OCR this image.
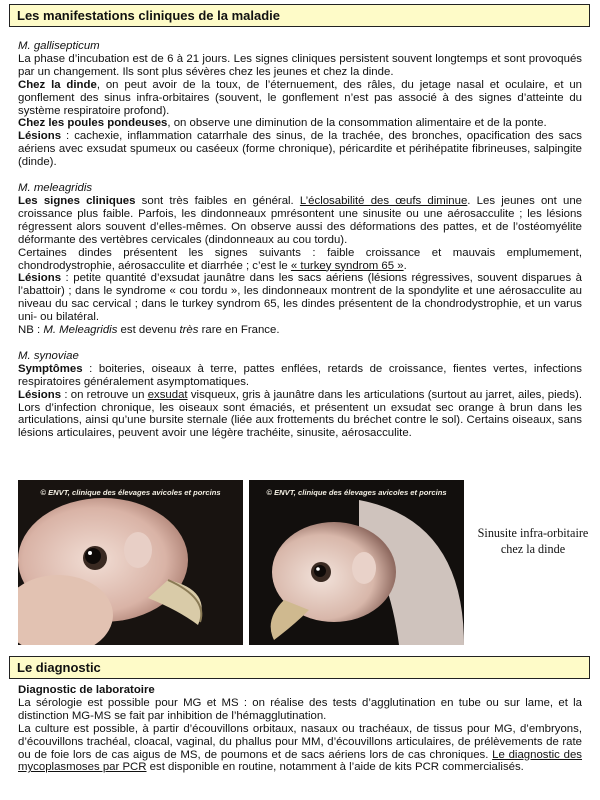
Les manifestations cliniques de la maladie

M. gallisepticum

La phase d’incubation est de 6 à 21 jours. Les signes cliniques persistent souvent longtemps et sont provoqués par un changement. Ils sont plus sévères chez les jeunes et chez la dinde.

Chez la dinde, on peut avoir de la toux, de l’éternuement, des râles, du jetage nasal et oculaire, et un gonflement des sinus infra-orbitaires (souvent, le gonflement n’est pas associé à des signes d’atteinte du système respiratoire profond).

Chez les poules pondeuses, on observe une diminution de la consommation alimentaire et de la ponte.

Lésions : cachexie, inflammation catarrhale des sinus, de la trachée, des bronches, opacification des sacs aériens avec exsudat spumeux ou caséeux (forme chronique), péricardite et périhépatite fibrineuses, salpingite (dinde).

M. meleagridis

Les signes cliniques sont très faibles en général. L’éclosabilité des œufs diminue. Les jeunes ont une croissance plus faible. Parfois, les dindonneaux pmrésontent une sinusite ou une aérosacculite ; les lésions régressent alors souvent d’elles-mêmes. On observe aussi des déformations des pattes, et de l’ostéomyélite déformante des vertèbres cervicales (dindonneaux au cou tordu).

Certaines dindes présentent les signes suivants : faible croissance et mauvais emplumement, chondrodystrophie, aérosacculite et diarrhée ; c’est le « turkey syndrom 65 ».

Lésions : petite quantité d’exsudat jaunâtre dans les sacs aériens (lésions régressives, souvent disparues à l’abattoir) ; dans le syndrome « cou tordu », les dindonneaux montrent de la spondylite et une aérosacculite au niveau du sac cervical ; dans le turkey syndrom 65, les dindes présentent de la chondrodystrophie, et un varus uni- ou bilatéral.

NB : M. Meleagridis est devenu très rare en France.

M. synoviae

Symptômes : boiteries, oiseaux à terre, pattes enflées, retards de croissance, fientes vertes, infections respiratoires généralement asymptomatiques.

Lésions : on retrouve un exsudat visqueux, gris à jaunâtre dans les articulations (surtout au jarret, ailes, pieds). Lors d’infection chronique, les oiseaux sont émaciés, et présentent un exsudat sec orange à brun dans les articulations, ainsi qu’une bursite sternale (liée aux frottements du bréchet contre le sol). Certains oiseaux, sans lésions articulaires, peuvent avoir une légère trachéite, sinusite, aérosacculite.

© ENVT, clinique des élevages avicoles et porcins	© ENVT, clinique des élevages avicoles et porcins
Sinusite infra-orbitaire chez la dinde
Le diagnostic

Diagnostic de laboratoire

La sérologie est possible pour MG et MS : on réalise des tests d’agglutination en tube ou sur lame, et la distinction MG-MS se fait par inhibition de l’hémagglutination.

La culture est possible, à partir d’écouvillons orbitaux, nasaux ou trachéaux, de tissus pour MG, d’embryons, d’écouvillons trachéal, cloacal, vaginal, du phallus pour MM, d’écouvillons articulaires, de prélèvements de rate ou de foie lors de cas aigus de MS, de poumons et de sacs aériens lors de cas chroniques. Le diagnostic des mycoplasmoses par PCR est disponible en routine, notamment à l’aide de kits PCR commercialisés.
